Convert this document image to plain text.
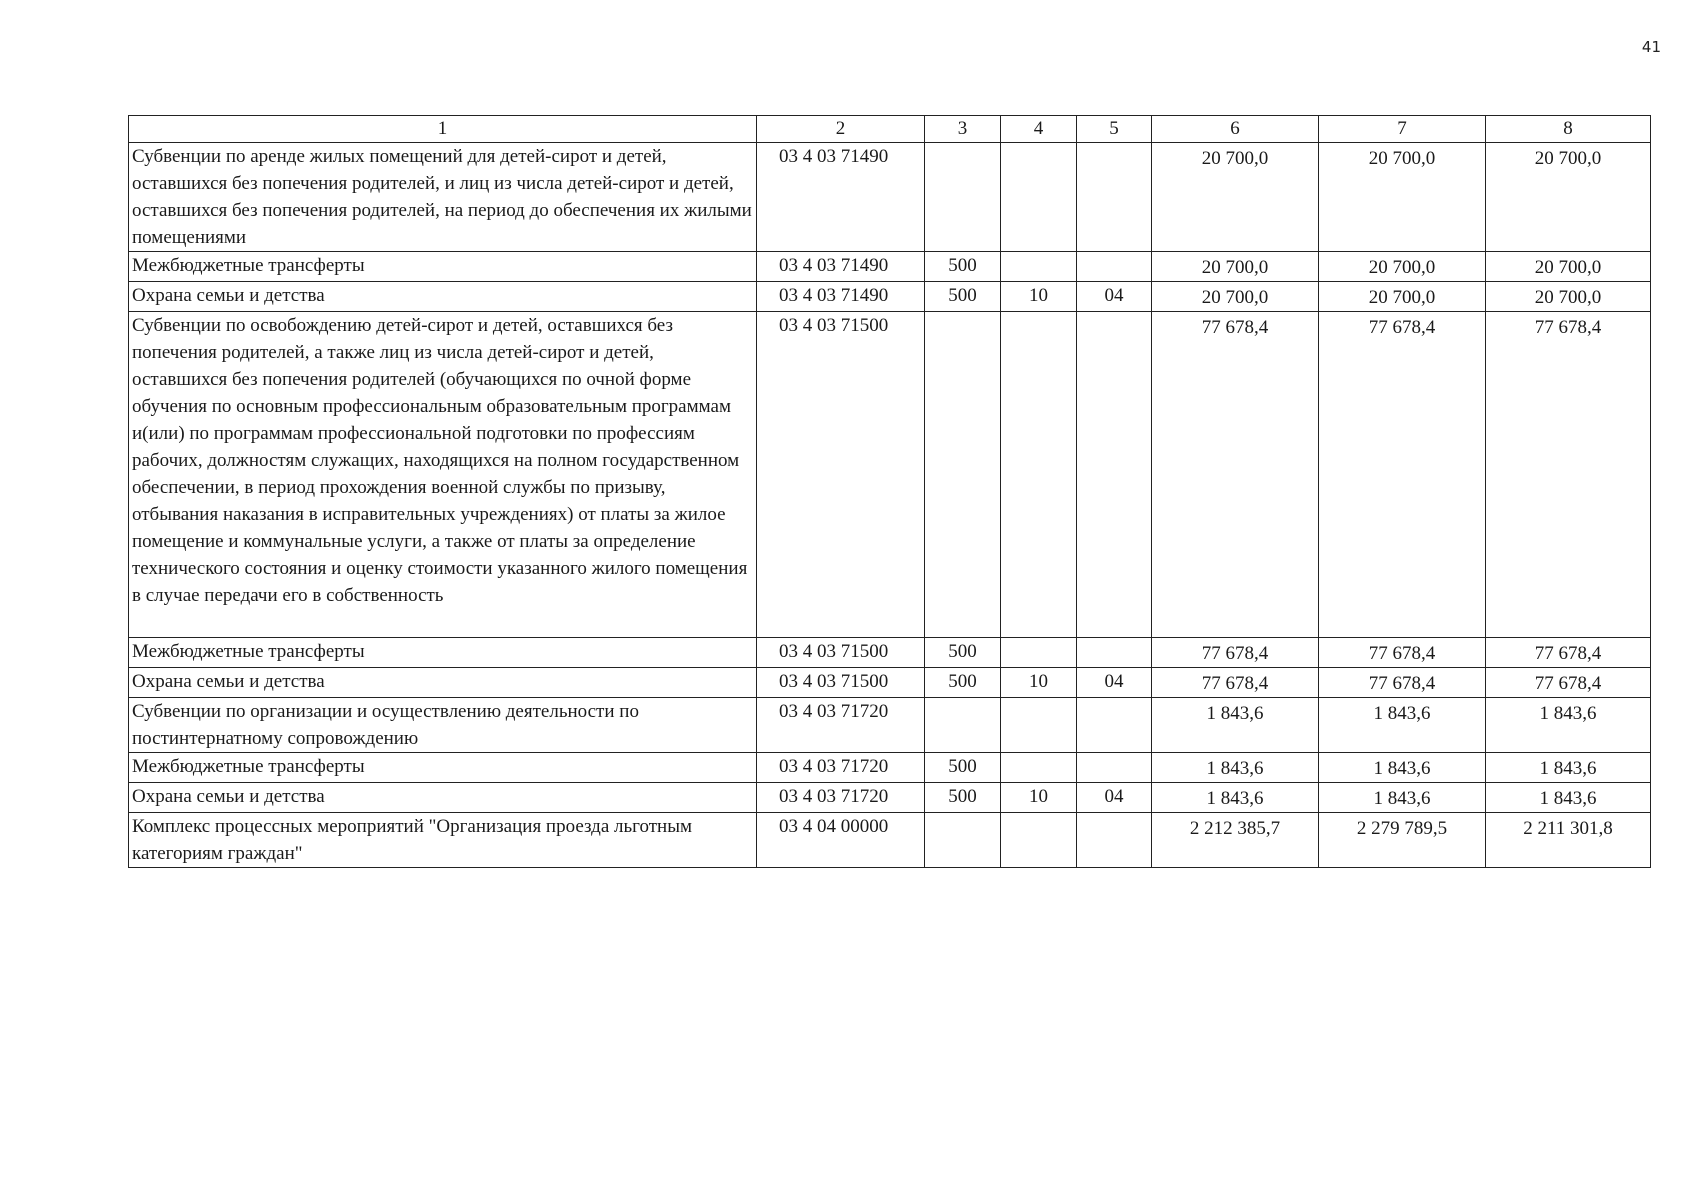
41
1	2	3	4	5	6	7	8
Субвенции по аренде жилых помещений для детей-сирот и детей, оставшихся без попечения родителей, и лиц из числа детей-сирот и детей, оставшихся без попечения родителей, на период до обеспечения их жилыми помещениями	03 4 03 71490				20 700,0	20 700,0	20 700,0
Межбюджетные трансферты	03 4 03 71490	500			20 700,0	20 700,0	20 700,0
Охрана семьи и детства	03 4 03 71490	500	10	04	20 700,0	20 700,0	20 700,0
Субвенции по освобождению детей-сирот и детей, оставшихся без попечения родителей, а также лиц из числа детей-сирот и детей, оставшихся без попечения родителей (обучающихся по очной форме обучения по основным профессиональным образовательным программам и(или) по программам профессиональной подготовки по профессиям рабочих, должностям служащих, находящихся на полном государственном обеспечении, в период прохождения военной службы по призыву, отбывания наказания в исправительных учреждениях) от платы за жилое помещение и коммунальные услуги, а также от платы за определение технического состояния и оценку стоимости указанного жилого помещения в случае передачи его в собственность	03 4 03 71500				77 678,4	77 678,4	77 678,4
Межбюджетные трансферты	03 4 03 71500	500			77 678,4	77 678,4	77 678,4
Охрана семьи и детства	03 4 03 71500	500	10	04	77 678,4	77 678,4	77 678,4
Субвенции по организации и осуществлению деятельности по постинтернатному сопровождению	03 4 03 71720				1 843,6	1 843,6	1 843,6
Межбюджетные трансферты	03 4 03 71720	500			1 843,6	1 843,6	1 843,6
Охрана семьи и детства	03 4 03 71720	500	10	04	1 843,6	1 843,6	1 843,6
Комплекс процессных мероприятий "Организация проезда льготным категориям граждан"	03 4 04 00000				2 212 385,7	2 279 789,5	2 211 301,8
